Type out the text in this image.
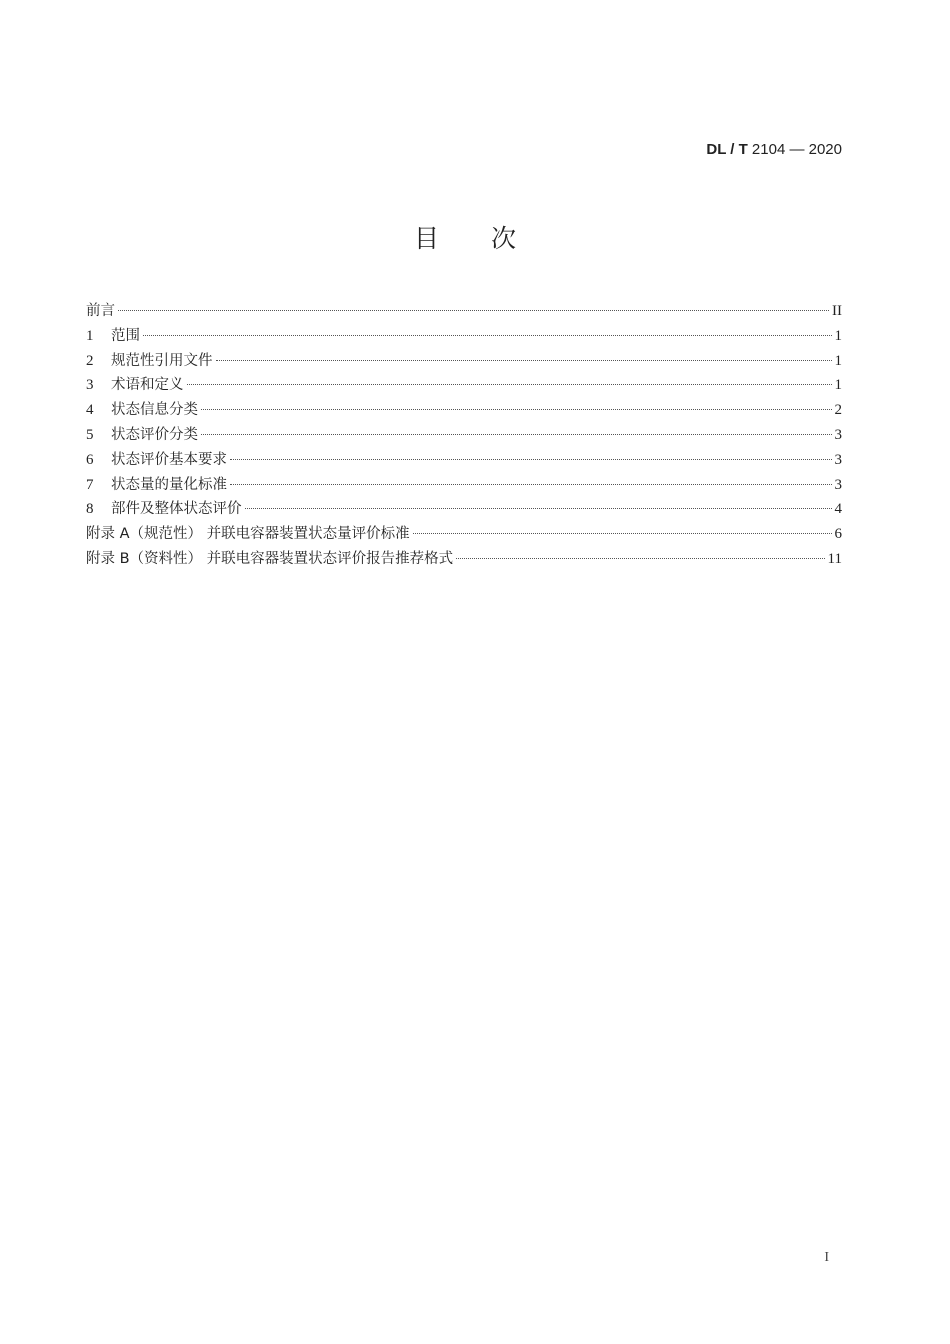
DL / T 2104 — 2020
目次
前言	II
1	范围	1
2	规范性引用文件	1
3	术语和定义	1
4	状态信息分类	2
5	状态评价分类	3
6	状态评价基本要求	3
7	状态量的量化标准	3
8	部件及整体状态评价	4
附录 A（规范性） 并联电容器装置状态量评价标准	6
附录 B（资料性） 并联电容器装置状态评价报告推荐格式	11
I
